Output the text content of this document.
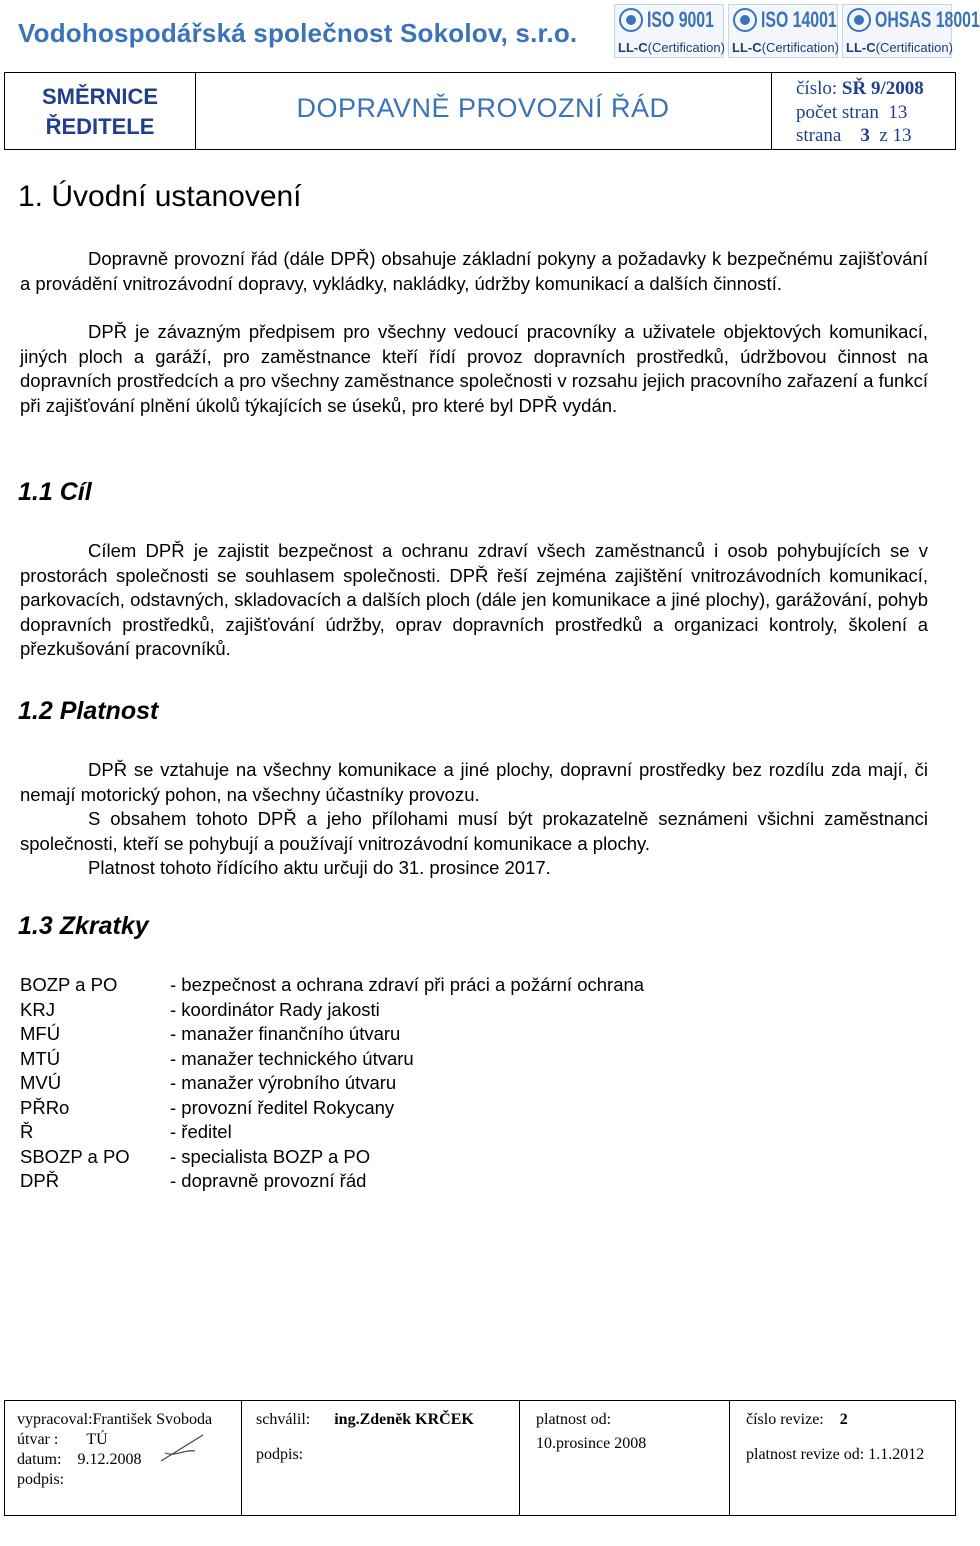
Vodohospodářská společnost Sokolov, s.r.o.	ISO 9001
LL-C(Certification)
ISO 14001
LL-C(Certification)
OHSAS 18001
LL-C(Certification)
SMĚRNICE
ŘEDITELE
DOPRAVNĚ PROVOZNÍ ŘÁD
číslo: SŘ 9/2008
počet stran 13
strana 3 z 13
1. Úvodní ustanovení
Dopravně provozní řád (dále DPŘ) obsahuje základní pokyny a požadavky k bezpečnému zajišťování a provádění vnitrozávodní dopravy, vykládky, nakládky, údržby komunikací a dalších činností.
DPŘ je závazným předpisem pro všechny vedoucí pracovníky a uživatele objektových komunikací, jiných ploch a garáží, pro zaměstnance kteří řídí provoz dopravních prostředků, údržbovou činnost na dopravních prostředcích a pro všechny zaměstnance společnosti v rozsahu jejich pracovního zařazení a funkcí při zajišťování plnění úkolů týkajících se úseků, pro které byl DPŘ vydán.
1.1 Cíl
Cílem DPŘ je zajistit bezpečnost a ochranu zdraví všech zaměstnanců i osob pohybujících se v prostorách společnosti se souhlasem společnosti. DPŘ řeší zejména zajištění vnitrozávodních komunikací, parkovacích, odstavných, skladovacích a dalších ploch (dále jen komunikace a jiné plochy), garážování, pohyb dopravních prostředků, zajišťování údržby, oprav dopravních prostředků a organizaci kontroly, školení a přezkušování pracovníků.
1.2 Platnost
DPŘ se vztahuje na všechny komunikace a jiné plochy, dopravní prostředky bez rozdílu zda mají, či nemají motorický pohon, na všechny účastníky provozu.
S obsahem tohoto DPŘ a jeho přílohami musí být prokazatelně seznámeni všichni zaměstnanci společnosti, kteří se pohybují a používají vnitrozávodní komunikace a plochy.
Platnost tohoto řídícího aktu určuji do 31. prosince 2017.
1.3 Zkratky
BOZP a PO	- bezpečnost a ochrana zdraví při práci a požární ochrana
KRJ	- koordinátor Rady jakosti
MFÚ	- manažer finančního útvaru
MTÚ	- manažer technického útvaru
MVÚ	- manažer výrobního útvaru
PŘRo	- provozní ředitel Rokycany
Ř	- ředitel
SBOZP a PO	- specialista BOZP a PO
DPŘ	- dopravně provozní řád
vypracoval:František Svoboda
útvar : TÚ
datum: 9.12.2008
podpis:
schválil: ing.Zdeněk KRČEK
podpis:
platnost od:
10.prosince 2008
číslo revize: 2
platnost revize od: 1.1.2012
